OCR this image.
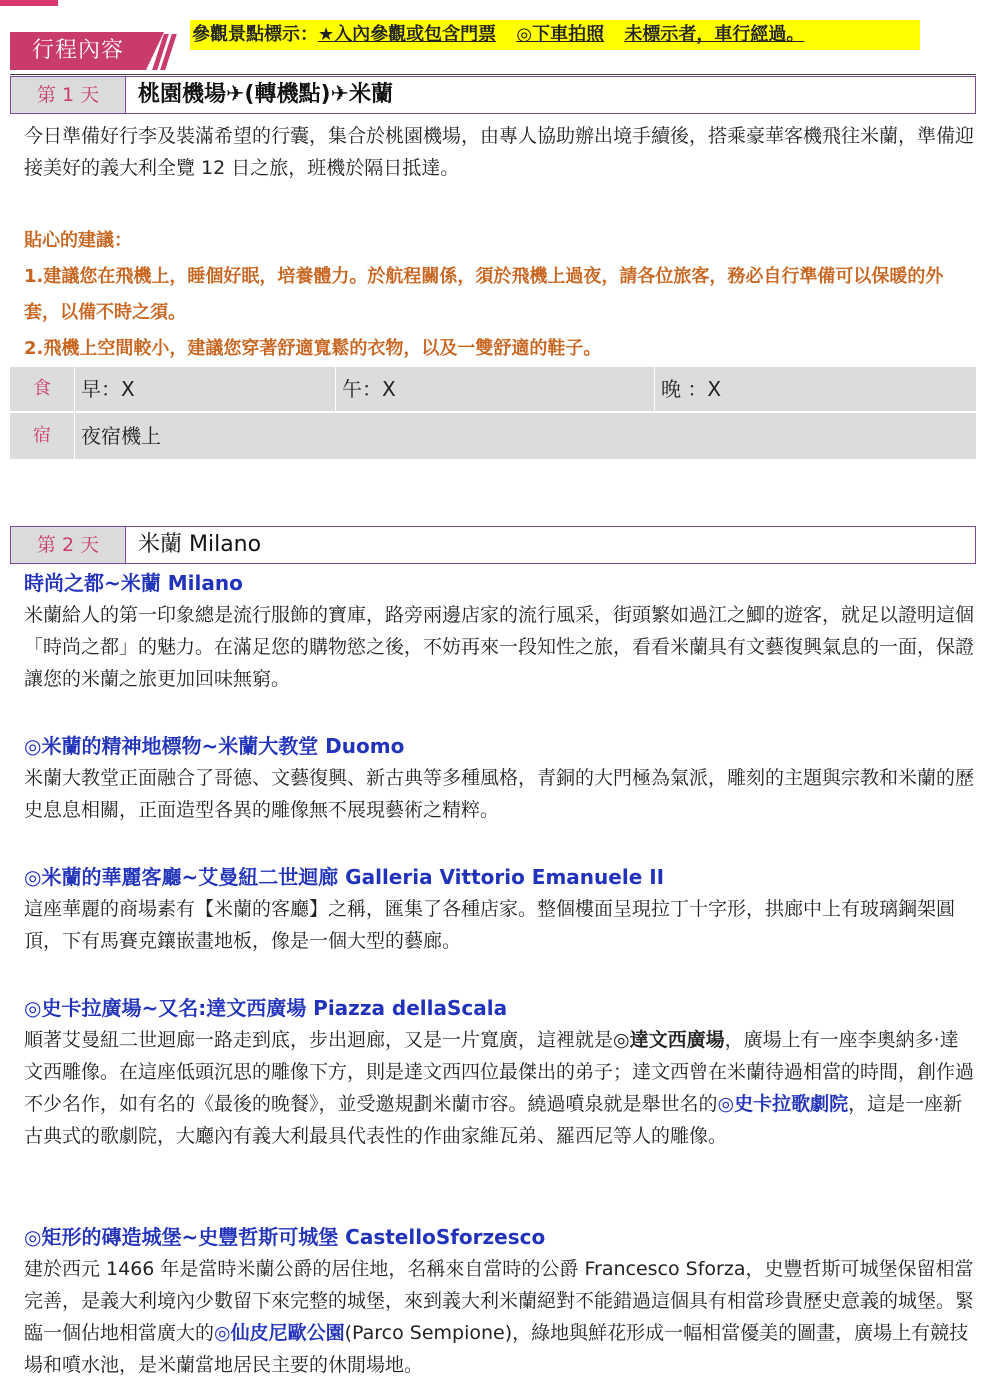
行程內容
參觀景點標示：★入內參觀或包含門票 ◎下車拍照 未標示者，車行經過。
第 1 天	桃園機場✈(轉機點)✈米蘭
今日準備好行李及裝滿希望的行囊，集合於桃園機場，由專人協助辦出境手續後，搭乘豪華客機飛往米蘭，準備迎接美好的義大利全覽 12 日之旅，班機於隔日抵達。
貼心的建議：
1.建議您在飛機上，睡個好眠，培養體力。於航程關係，須於飛機上過夜，請各位旅客，務必自行準備可以保暖的外套，以備不時之須。
2.飛機上空間較小，建議您穿著舒適寬鬆的衣物，以及一雙舒適的鞋子。
食	早：X	午：X	晚 ：X
宿	夜宿機上
第 2 天	米蘭 Milano
時尚之都~米蘭 Milano
米蘭給人的第一印象總是流行服飾的寶庫，路旁兩邊店家的流行風采，街頭繁如過江之鯽的遊客，就足以證明這個「時尚之都」的魅力。在滿足您的購物慾之後，不妨再來一段知性之旅，看看米蘭具有文藝復興氣息的一面，保證讓您的米蘭之旅更加回味無窮。
◎米蘭的精神地標物~米蘭大教堂 Duomo
米蘭大教堂正面融合了哥德、文藝復興、新古典等多種風格，青銅的大門極為氣派，雕刻的主題與宗教和米蘭的歷史息息相關，正面造型各異的雕像無不展現藝術之精粹。
◎米蘭的華麗客廳~艾曼紐二世迴廊 Galleria Vittorio Emanuele II
這座華麗的商場素有【米蘭的客廳】之稱，匯集了各種店家。整個樓面呈現拉丁十字形，拱廊中上有玻璃鋼架圓頂，下有馬賽克鑲嵌畫地板，像是一個大型的藝廊。
◎史卡拉廣場~又名:達文西廣場 Piazza dellaScala
順著艾曼紐二世迴廊一路走到底，步出迴廊，又是一片寬廣，這裡就是◎達文西廣場，廣場上有一座李奧納多‧達文西雕像。在這座低頭沉思的雕像下方，則是達文西四位最傑出的弟子；達文西曾在米蘭待過相當的時間，創作過不少名作，如有名的《最後的晚餐》，並受邀規劃米蘭市容。繞過噴泉就是舉世名的◎史卡拉歌劇院，這是一座新古典式的歌劇院，大廳內有義大利最具代表性的作曲家維瓦弟、羅西尼等人的雕像。
◎矩形的磚造城堡~史豐哲斯可城堡 CastelloSforzesco
建於西元 1466 年是當時米蘭公爵的居住地，名稱來自當時的公爵 Francesco Sforza，史豐哲斯可城堡保留相當完善，是義大利境內少數留下來完整的城堡，來到義大利米蘭絕對不能錯過這個具有相當珍貴歷史意義的城堡。緊臨一個佔地相當廣大的◎仙皮尼歐公園(Parco Sempione)，綠地與鮮花形成一幅相當優美的圖畫，廣場上有競技場和噴水池，是米蘭當地居民主要的休閒場地。
